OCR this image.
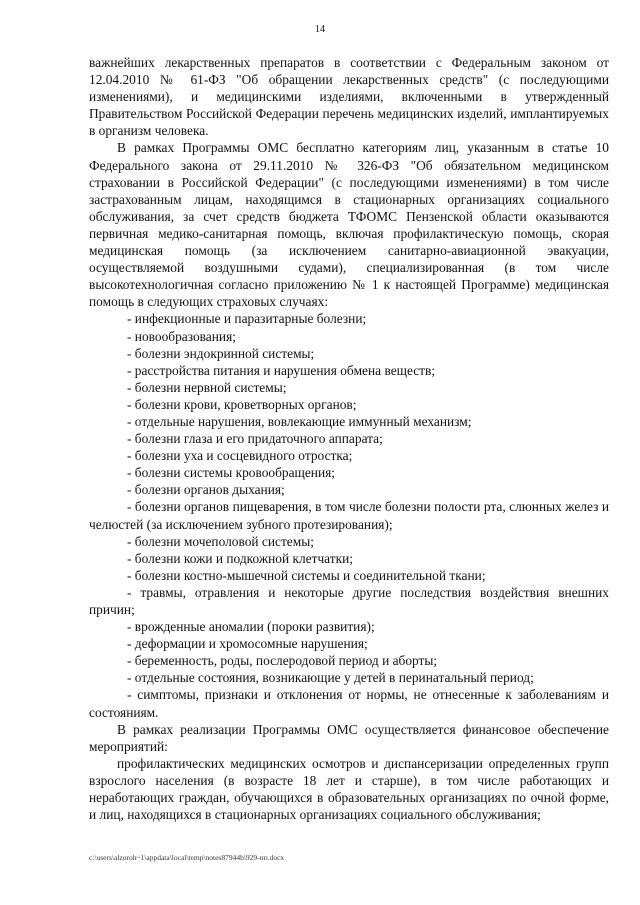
14

важнейших лекарственных препаратов в соответствии с Федеральным законом от 12.04.2010 № 61-ФЗ "Об обращении лекарственных средств" (с последующими изменениями), и медицинскими изделиями, включенными в утвержденный Правительством Российской Федерации перечень медицинских изделий, имплантируемых в организм человека.

В рамках Программы ОМС бесплатно категориям лиц, указанным в статье 10 Федерального закона от 29.11.2010 № 326-ФЗ "Об обязательном медицинском страховании в Российской Федерации" (с последующими изменениями) в том числе застрахованным лицам, находящимся в стационарных организациях социального обслуживания, за счет средств бюджета ТФОМС Пензенской области оказываются первичная медико-санитарная помощь, включая профилактическую помощь, скорая медицинская помощь (за исключением санитарно-авиационной эвакуации, осуществляемой воздушными судами), специализированная (в том числе высокотехнологичная согласно приложению № 1 к настоящей Программе) медицинская помощь в следующих страховых случаях:

- инфекционные и паразитарные болезни;
- новообразования;
- болезни эндокринной системы;
- расстройства питания и нарушения обмена веществ;
- болезни нервной системы;
- болезни крови, кроветворных органов;
- отдельные нарушения, вовлекающие иммунный механизм;
- болезни глаза и его придаточного аппарата;
- болезни уха и сосцевидного отростка;
- болезни системы кровообращения;
- болезни органов дыхания;
- болезни органов пищеварения, в том числе болезни полости рта, слюнных желез и челюстей (за исключением зубного протезирования);
- болезни мочеполовой системы;
- болезни кожи и подкожной клетчатки;
- болезни костно-мышечной системы и соединительной ткани;
- травмы, отравления и некоторые другие последствия воздействия внешних причин;
- врожденные аномалии (пороки развития);
- деформации и хромосомные нарушения;
- беременность, роды, послеродовой период и аборты;
- отдельные состояния, возникающие у детей в перинатальный период;
- симптомы, признаки и отклонения от нормы, не отнесенные к заболеваниям и состояниям.

В рамках реализации Программы ОМС осуществляется финансовое обеспечение мероприятий:

профилактических медицинских осмотров и диспансеризации определенных групп взрослого населения (в возрасте 18 лет и старше), в том числе работающих и неработающих граждан, обучающихся в образовательных организациях по очной форме, и лиц, находящихся в стационарных организациях социального обслуживания;

c:\users\alzoroh~1\appdata\local\temp\notes87944b\929-пп.docx
